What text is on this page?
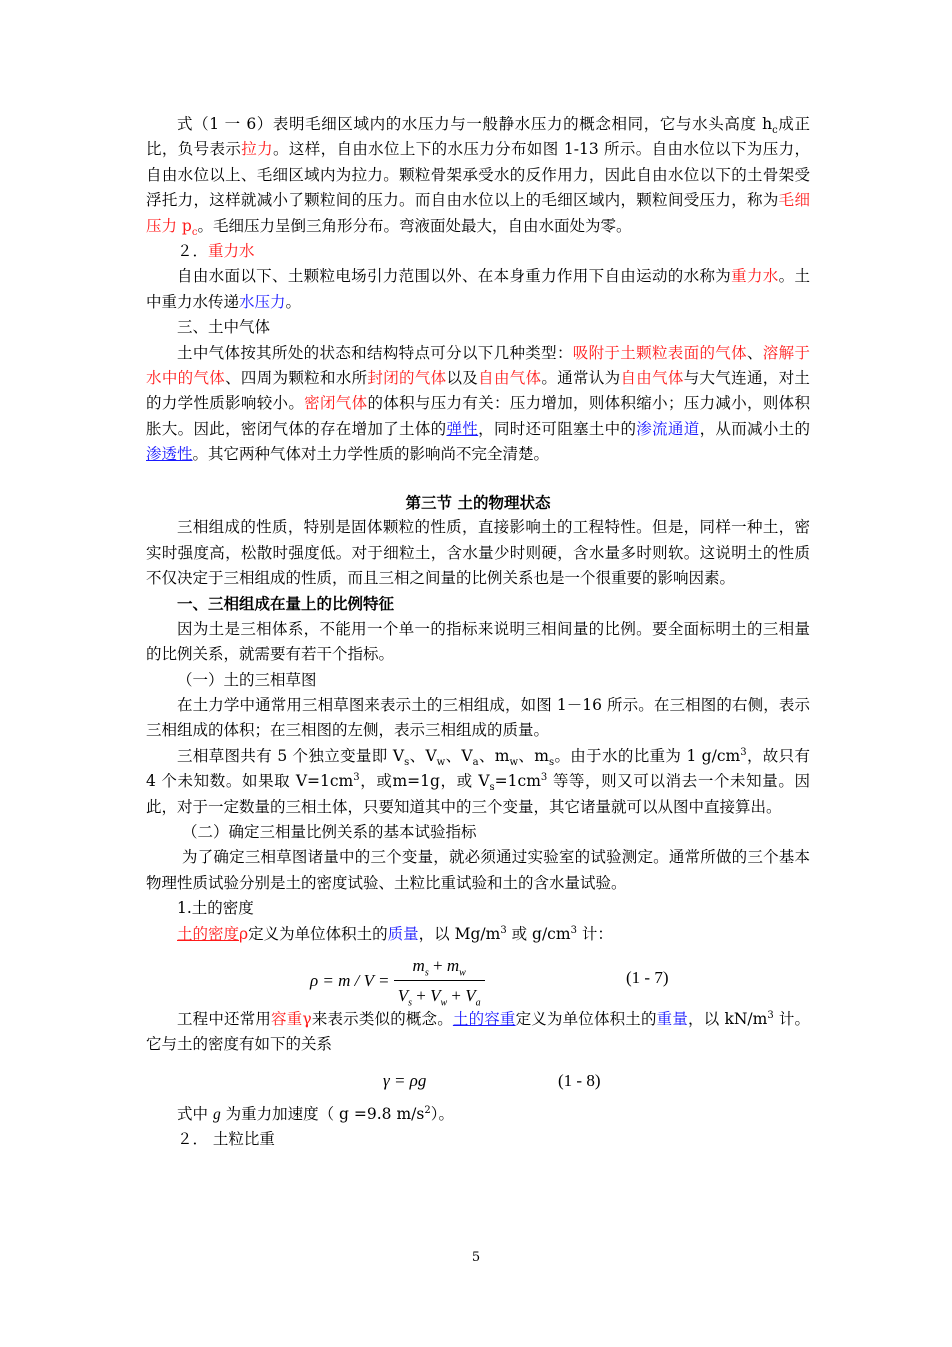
式（1 一 6）表明毛细区域内的水压力与一般静水压力的概念相同，它与水头高度 $h_c$成正比，负号表示拉力。这样，自由水位上下的水压力分布如图 1-13 所示。自由水位以下为压力，自由水位以上、毛细区域内为拉力。颗粒骨架承受水的反作用力，因此自由水位以下的土骨架受浮托力，这样就减小了颗粒间的压力。而自由水位以上的毛细区域内，颗粒间受压力，称为毛细压力 $p_c$。毛细压力呈倒三角形分布。弯液面处最大，自由水面处为零。

２．重力水

自由水面以下、土颗粒电场引力范围以外、在本身重力作用下自由运动的水称为重力水。土中重力水传递水压力。

三、土中气体

土中气体按其所处的状态和结构特点可分以下几种类型：吸附于土颗粒表面的气体、溶解于水中的气体、四周为颗粒和水所封闭的气体以及自由气体。通常认为自由气体与大气连通，对土的力学性质影响较小。密闭气体的体积与压力有关：压力增加，则体积缩小；压力减小，则体积胀大。因此，密闭气体的存在增加了土体的弹性，同时还可阻塞土中的渗流通道，从而减小土的渗透性。其它两种气体对土力学性质的影响尚不完全清楚。

第三节 土的物理状态

三相组成的性质，特别是固体颗粒的性质，直接影响土的工程特性。但是，同样一种土，密实时强度高，松散时强度低。对于细粒土，含水量少时则硬，含水量多时则软。这说明土的性质不仅决定于三相组成的性质，而且三相之间量的比例关系也是一个很重要的影响因素。

一、三相组成在量上的比例特征

因为土是三相体系，不能用一个单一的指标来说明三相间量的比例。要全面标明土的三相量的比例关系，就需要有若干个指标。

（一）土的三相草图

在土力学中通常用三相草图来表示土的三相组成，如图 1－16 所示。在三相图的右侧，表示三相组成的体积；在三相图的左侧，表示三相组成的质量。

三相草图共有 5 个独立变量即 $V_s$、$V_w$、$V_a$、$m_w$、$m_s$。由于水的比重为 1 $g/cm^3$，故只有 4 个未知数。如果取 $V=1cm^3$，或m=1g，或 $V_s=1cm^3$ 等等，则又可以消去一个未知量。因此，对于一定数量的三相土体，只要知道其中的三个变量，其它诸量就可以从图中直接算出。

（二）确定三相量比例关系的基本试验指标

为了确定三相草图诸量中的三个变量，就必须通过实验室的试验测定。通常所做的三个基本物理性质试验分别是土的密度试验、土粒比重试验和土的含水量试验。

1.土的密度

土的密度ρ定义为单位体积土的质量，以 $Mg/m^3$ 或 $g/cm^3$ 计：

$\rho = m / V = \frac{m_s + m_w}{V_s + V_w + V_a}$	(1 - 7)

工程中还常用容重γ来表示类似的概念。土的容重定义为单位体积土的重量，以 $kN/m^3$ 计。它与土的密度有如下的关系

γ = ρg	(1 - 8)

式中 g 为重力加速度（ g =9.8 $m/s^2$）。

２． 土粒比重

5
